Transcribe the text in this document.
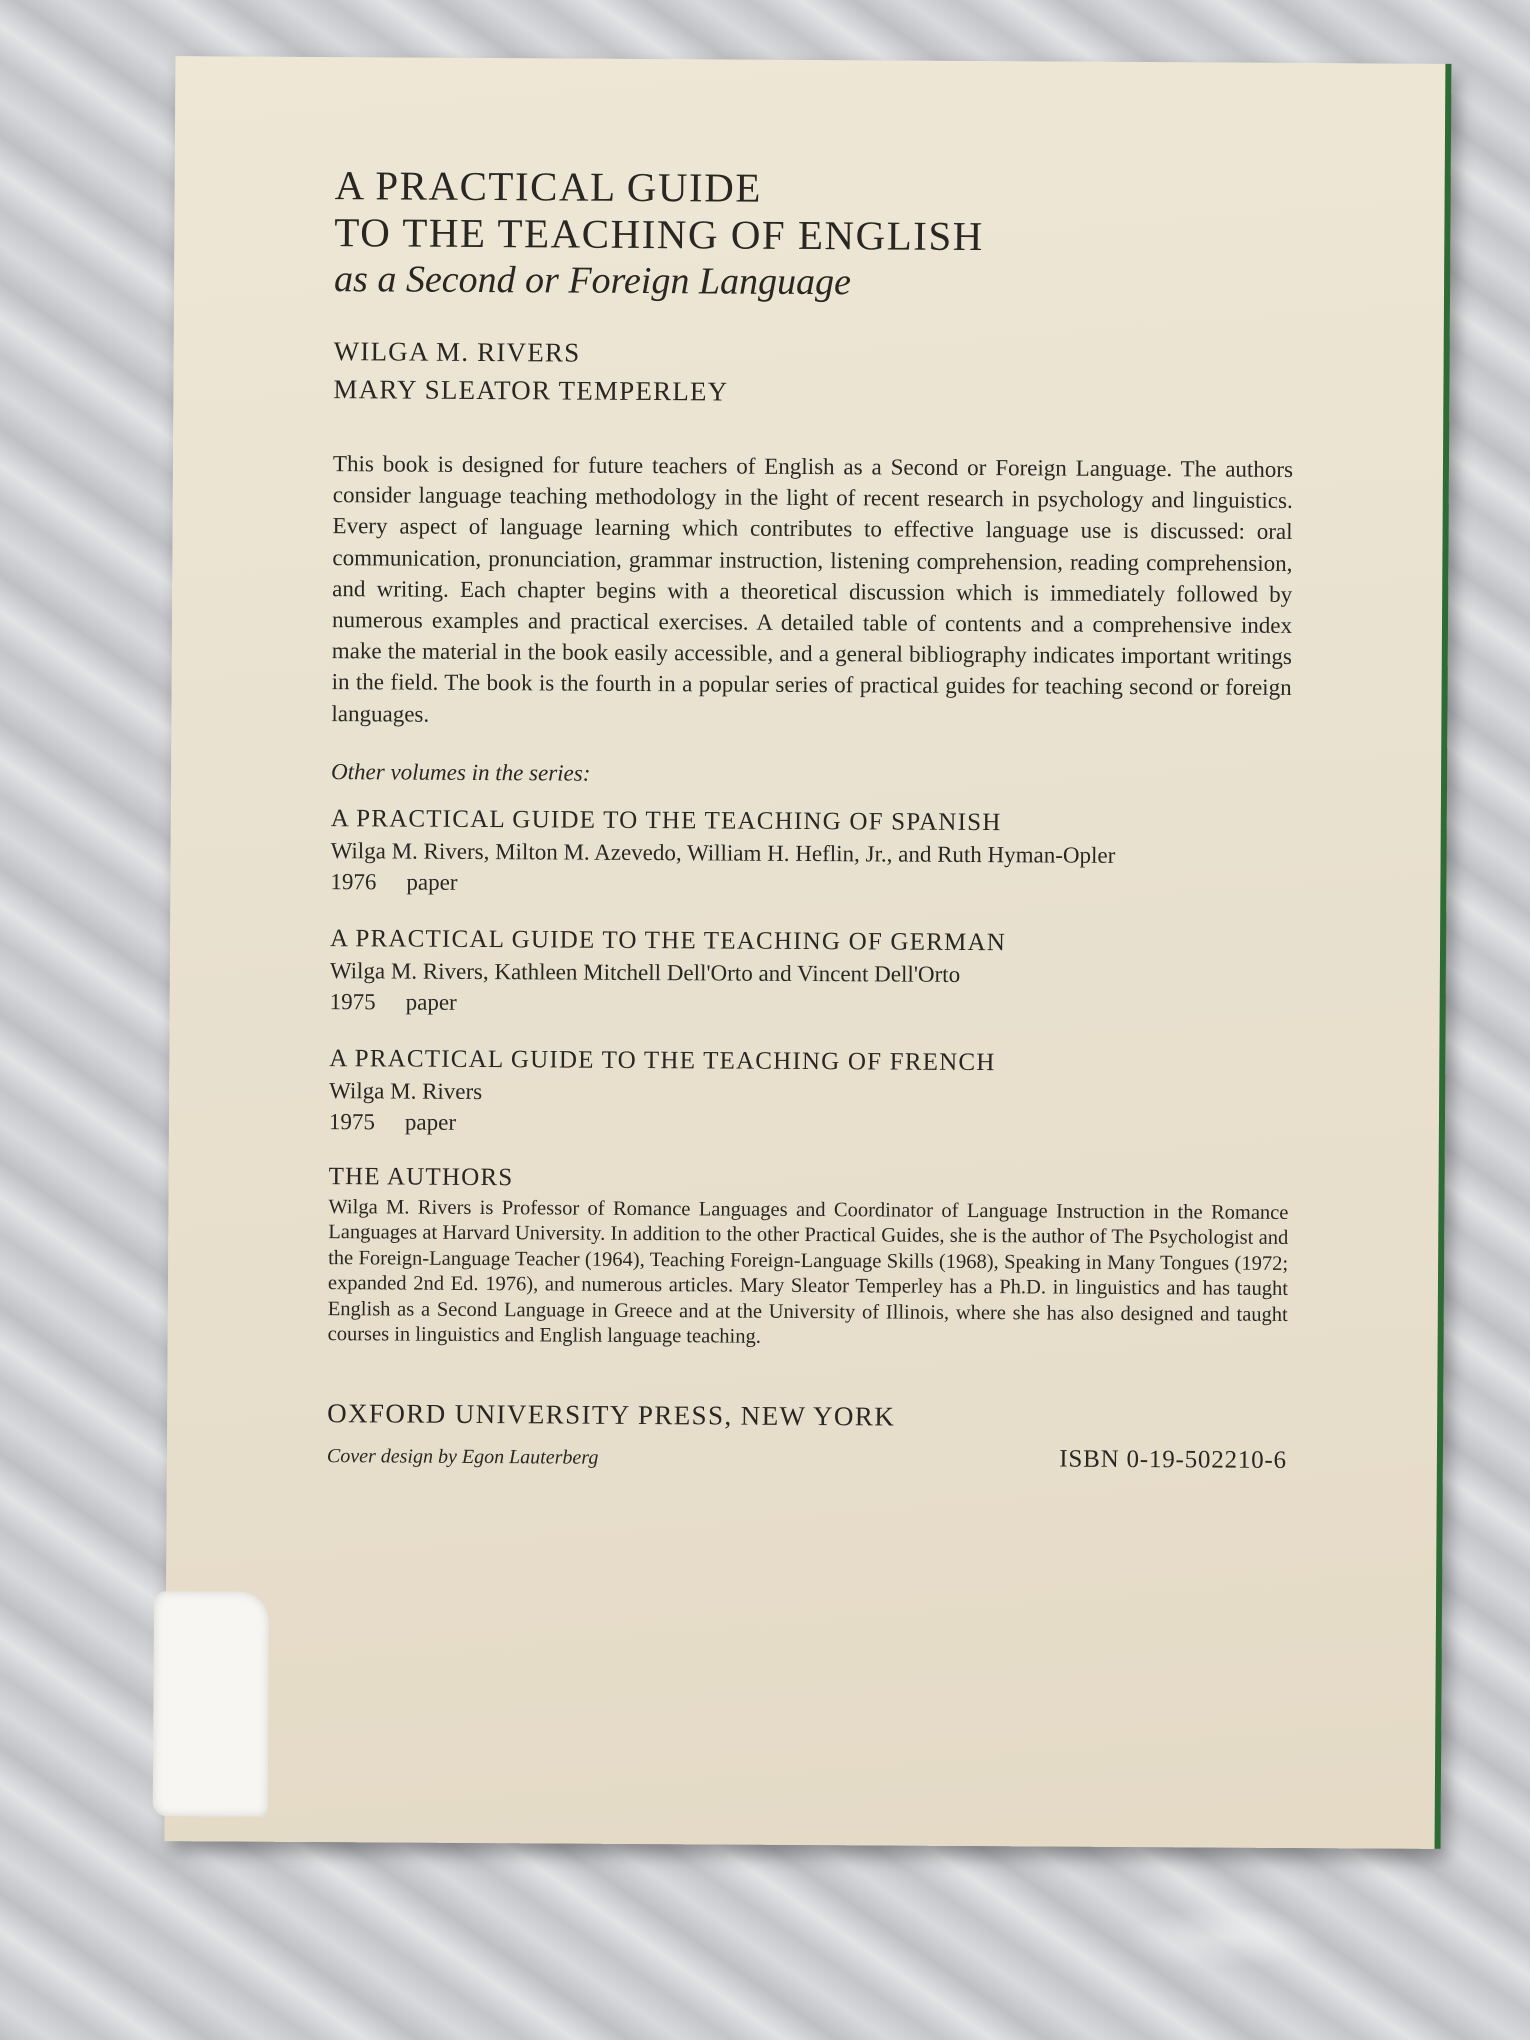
A PRACTICAL GUIDE
TO THE TEACHING OF ENGLISH
as a Second or Foreign Language
WILGA M. RIVERS
MARY SLEATOR TEMPERLEY

This book is designed for future teachers of English as a Second or Foreign Language. The authors consider language teaching methodology in the light of recent research in psychology and linguistics. Every aspect of language learning which contributes to effective language use is discussed: oral communication, pronunciation, grammar instruction, listening comprehension, reading comprehension, and writing. Each chapter begins with a theoretical discussion which is immediately followed by numerous examples and practical exercises. A detailed table of contents and a comprehensive index make the material in the book easily accessible, and a general bibliography indicates important writings in the field. The book is the fourth in a popular series of practical guides for teaching second or foreign languages.

Other volumes in the series:
A PRACTICAL GUIDE TO THE TEACHING OF SPANISH
Wilga M. Rivers, Milton M. Azevedo, William H. Heflin, Jr., and Ruth Hyman-Opler
1976 paper
A PRACTICAL GUIDE TO THE TEACHING OF GERMAN
Wilga M. Rivers, Kathleen Mitchell Dell'Orto and Vincent Dell'Orto
1975 paper
A PRACTICAL GUIDE TO THE TEACHING OF FRENCH
Wilga M. Rivers
1975 paper
THE AUTHORS

Wilga M. Rivers is Professor of Romance Languages and Coordinator of Language Instruction in the Romance Languages at Harvard University. In addition to the other Practical Guides, she is the author of The Psychologist and the Foreign-Language Teacher (1964), Teaching Foreign-Language Skills (1968), Speaking in Many Tongues (1972; expanded 2nd Ed. 1976), and numerous articles. Mary Sleator Temperley has a Ph.D. in linguistics and has taught English as a Second Language in Greece and at the University of Illinois, where she has also designed and taught courses in linguistics and English language teaching.

OXFORD UNIVERSITY PRESS, NEW YORK
Cover design by Egon Lauterberg	ISBN 0-19-502210-6
